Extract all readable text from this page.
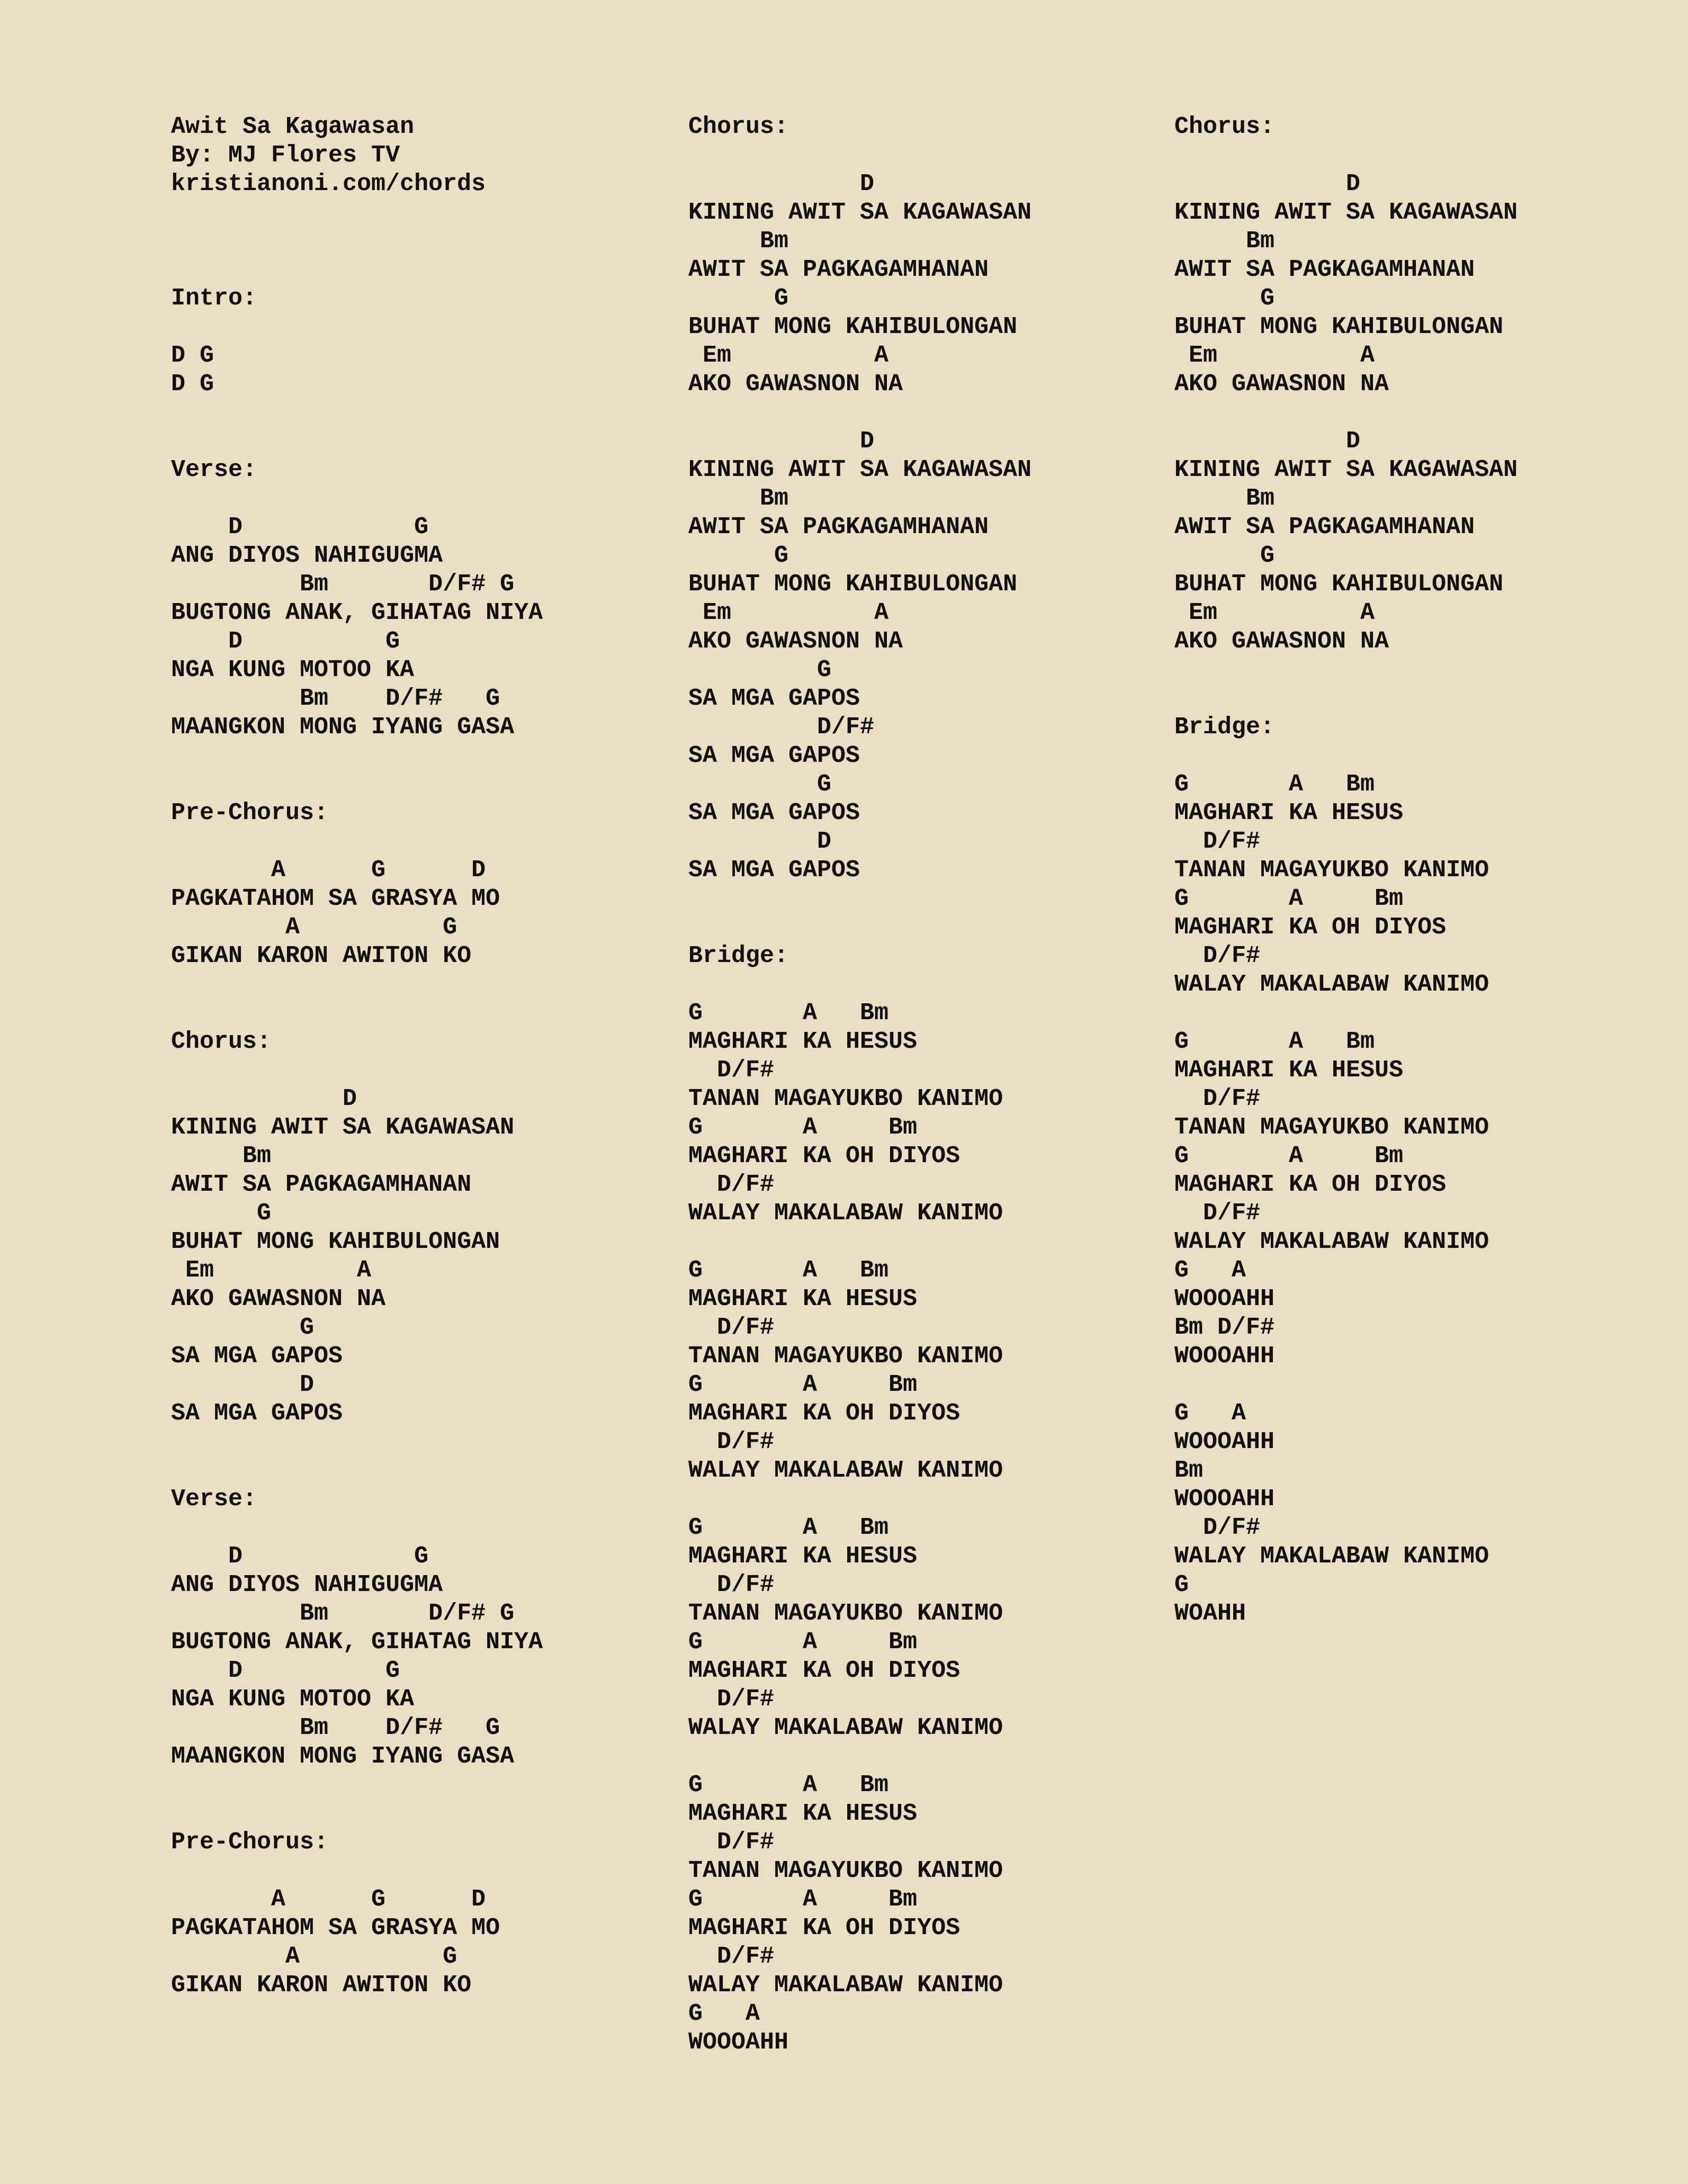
Awit Sa Kagawasan
By: MJ Flores TV
kristianoni.com/chords

Intro:

D G
D G

Verse:

D            G
ANG DIYOS NAHIGUGMA
Bm       D/F# G
BUGTONG ANAK, GIHATAG NIYA
D          G
NGA KUNG MOTOO KA
Bm    D/F#   G
MAANGKON MONG IYANG GASA

Pre-Chorus:

A      G      D
PAGKATAHOM SA GRASYA MO
A          G
GIKAN KARON AWITON KO

Chorus:

D
KINING AWIT SA KAGAWASAN
Bm
AWIT SA PAGKAGAMHANAN
G
BUHAT MONG KAHIBULONGAN
Em          A
AKO GAWASNON NA
G
SA MGA GAPOS
D
SA MGA GAPOS

Verse:

D            G
ANG DIYOS NAHIGUGMA
Bm       D/F# G
BUGTONG ANAK, GIHATAG NIYA
D          G
NGA KUNG MOTOO KA
Bm    D/F#   G
MAANGKON MONG IYANG GASA

Pre-Chorus:

A      G      D
PAGKATAHOM SA GRASYA MO
A          G
GIKAN KARON AWITON KO
Chorus:

D
KINING AWIT SA KAGAWASAN
Bm
AWIT SA PAGKAGAMHANAN
G
BUHAT MONG KAHIBULONGAN
Em          A
AKO GAWASNON NA

D
KINING AWIT SA KAGAWASAN
Bm
AWIT SA PAGKAGAMHANAN
G
BUHAT MONG KAHIBULONGAN
Em          A
AKO GAWASNON NA
G
SA MGA GAPOS
D/F#
SA MGA GAPOS
G
SA MGA GAPOS
D
SA MGA GAPOS

Bridge:

G       A   Bm
MAGHARI KA HESUS
D/F#
TANAN MAGAYUKBO KANIMO
G       A     Bm
MAGHARI KA OH DIYOS
D/F#
WALAY MAKALABAW KANIMO

G       A   Bm
MAGHARI KA HESUS
D/F#
TANAN MAGAYUKBO KANIMO
G       A     Bm
MAGHARI KA OH DIYOS
D/F#
WALAY MAKALABAW KANIMO

G       A   Bm
MAGHARI KA HESUS
D/F#
TANAN MAGAYUKBO KANIMO
G       A     Bm
MAGHARI KA OH DIYOS
D/F#
WALAY MAKALABAW KANIMO

G       A   Bm
MAGHARI KA HESUS
D/F#
TANAN MAGAYUKBO KANIMO
G       A     Bm
MAGHARI KA OH DIYOS
D/F#
WALAY MAKALABAW KANIMO
G   A
WOOOAHH
Chorus:

D
KINING AWIT SA KAGAWASAN
Bm
AWIT SA PAGKAGAMHANAN
G
BUHAT MONG KAHIBULONGAN
Em          A
AKO GAWASNON NA

D
KINING AWIT SA KAGAWASAN
Bm
AWIT SA PAGKAGAMHANAN
G
BUHAT MONG KAHIBULONGAN
Em          A
AKO GAWASNON NA

Bridge:

G       A   Bm
MAGHARI KA HESUS
D/F#
TANAN MAGAYUKBO KANIMO
G       A     Bm
MAGHARI KA OH DIYOS
D/F#
WALAY MAKALABAW KANIMO

G       A   Bm
MAGHARI KA HESUS
D/F#
TANAN MAGAYUKBO KANIMO
G       A     Bm
MAGHARI KA OH DIYOS
D/F#
WALAY MAKALABAW KANIMO
G   A
WOOOAHH
Bm D/F#
WOOOAHH

G   A
WOOOAHH
Bm
WOOOAHH
D/F#
WALAY MAKALABAW KANIMO
G
WOAHH
